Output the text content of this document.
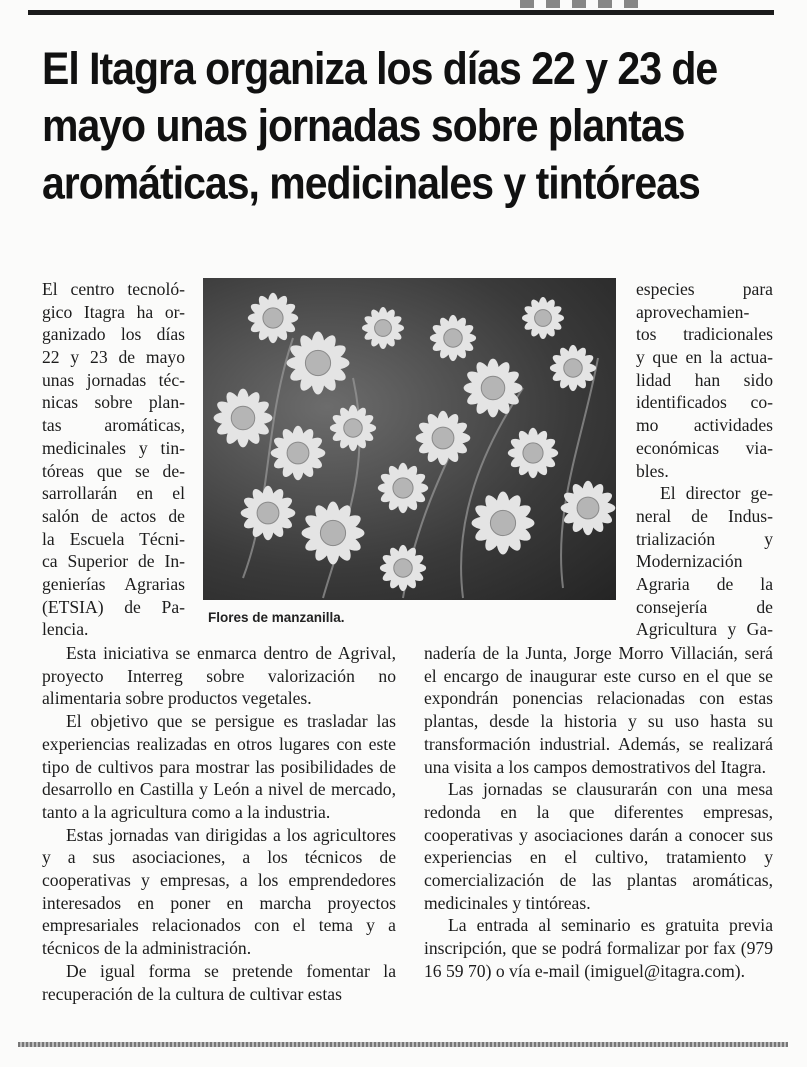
El Itagra organiza los días 22 y 23 de mayo unas jornadas sobre plantas aromáticas, medicinales y tintóreas
El centro tecnoló-
gico Itagra ha or-
ganizado los días
22 y 23 de mayo
unas jornadas téc-
nicas sobre plan-
tas aromáticas,
medicinales y tin-
tóreas que se de-
sarrollarán en el
salón de actos de
la Escuela Técni-
ca Superior de In-
genierías Agrarias
(ETSIA) de Pa-
lencia.
Flores de manzanilla.
especies para
aprovechamien-
tos tradicionales
y que en la actua-
lidad han sido
identificados co-
mo actividades
económicas via-
bles.
El director ge-
neral de Indus-
trialización y
Modernización
Agraria de la
consejería de
Agricultura y Ga-

Esta iniciativa se enmarca dentro de Agrival, proyecto Interreg sobre valorización no alimentaria sobre productos vegetales.

El objetivo que se persigue es trasladar las experiencias realizadas en otros lugares con este tipo de cultivos para mostrar las posibilidades de desarrollo en Castilla y León a nivel de mercado, tanto a la agricultura como a la industria.

Estas jornadas van dirigidas a los agricultores y a sus asociaciones, a los técnicos de cooperativas y empresas, a los emprendedores interesados en poner en marcha proyectos empresariales relacionados con el tema y a técnicos de la administración.

De igual forma se pretende fomentar la recuperación de la cultura de cultivar estas

nadería de la Junta, Jorge Morro Villacián, será el encargo de inaugurar este curso en el que se expondrán ponencias relacionadas con estas plantas, desde la historia y su uso hasta su transformación industrial. Además, se realizará una visita a los campos demostrativos del Itagra.

Las jornadas se clausurarán con una mesa redonda en la que diferentes empresas, cooperativas y asociaciones darán a conocer sus experiencias en el cultivo, tratamiento y comercialización de las plantas aromáticas, medicinales y tintóreas.

La entrada al seminario es gratuita previa inscripción, que se podrá formalizar por fax (979 16 59 70) o vía e-mail (imiguel@itagra.com).
